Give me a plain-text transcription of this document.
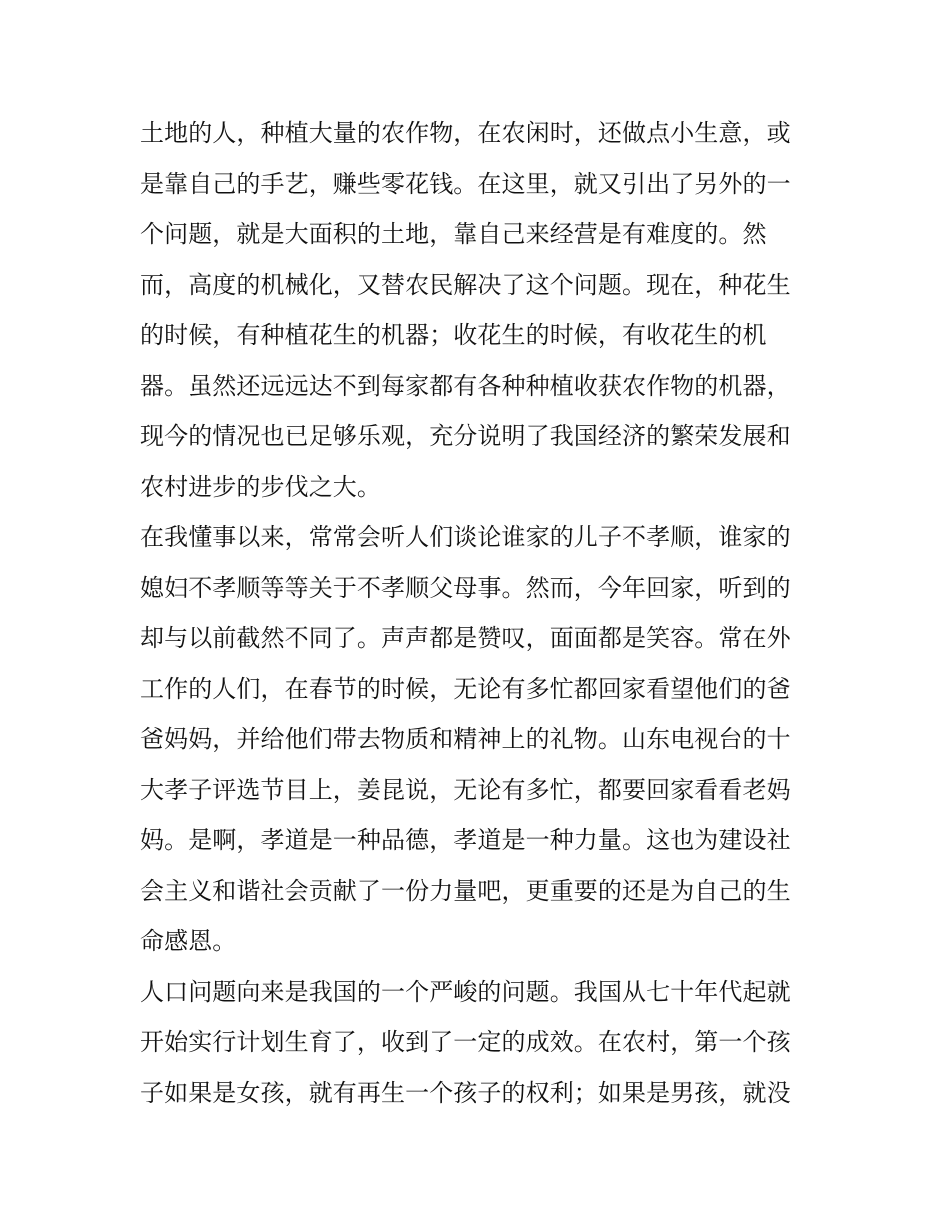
土地的人，种植大量的农作物，在农闲时，还做点小生意，或
是靠自己的手艺，赚些零花钱。在这里，就又引出了另外的一
个问题，就是大面积的土地，靠自己来经营是有难度的。然
而，高度的机械化，又替农民解决了这个问题。现在，种花生
的时候，有种植花生的机器；收花生的时候，有收花生的机
器。虽然还远远达不到每家都有各种种植收获农作物的机器，
现今的情况也已足够乐观，充分说明了我国经济的繁荣发展和
农村进步的步伐之大。
在我懂事以来，常常会听人们谈论谁家的儿子不孝顺，谁家的
媳妇不孝顺等等关于不孝顺父母事。然而，今年回家，听到的
却与以前截然不同了。声声都是赞叹，面面都是笑容。常在外
工作的人们，在春节的时候，无论有多忙都回家看望他们的爸
爸妈妈，并给他们带去物质和精神上的礼物。山东电视台的十
大孝子评选节目上，姜昆说，无论有多忙，都要回家看看老妈
妈。是啊，孝道是一种品德，孝道是一种力量。这也为建设社
会主义和谐社会贡献了一份力量吧，更重要的还是为自己的生
命感恩。
人口问题向来是我国的一个严峻的问题。我国从七十年代起就
开始实行计划生育了，收到了一定的成效。在农村，第一个孩
子如果是女孩，就有再生一个孩子的权利；如果是男孩，就没
